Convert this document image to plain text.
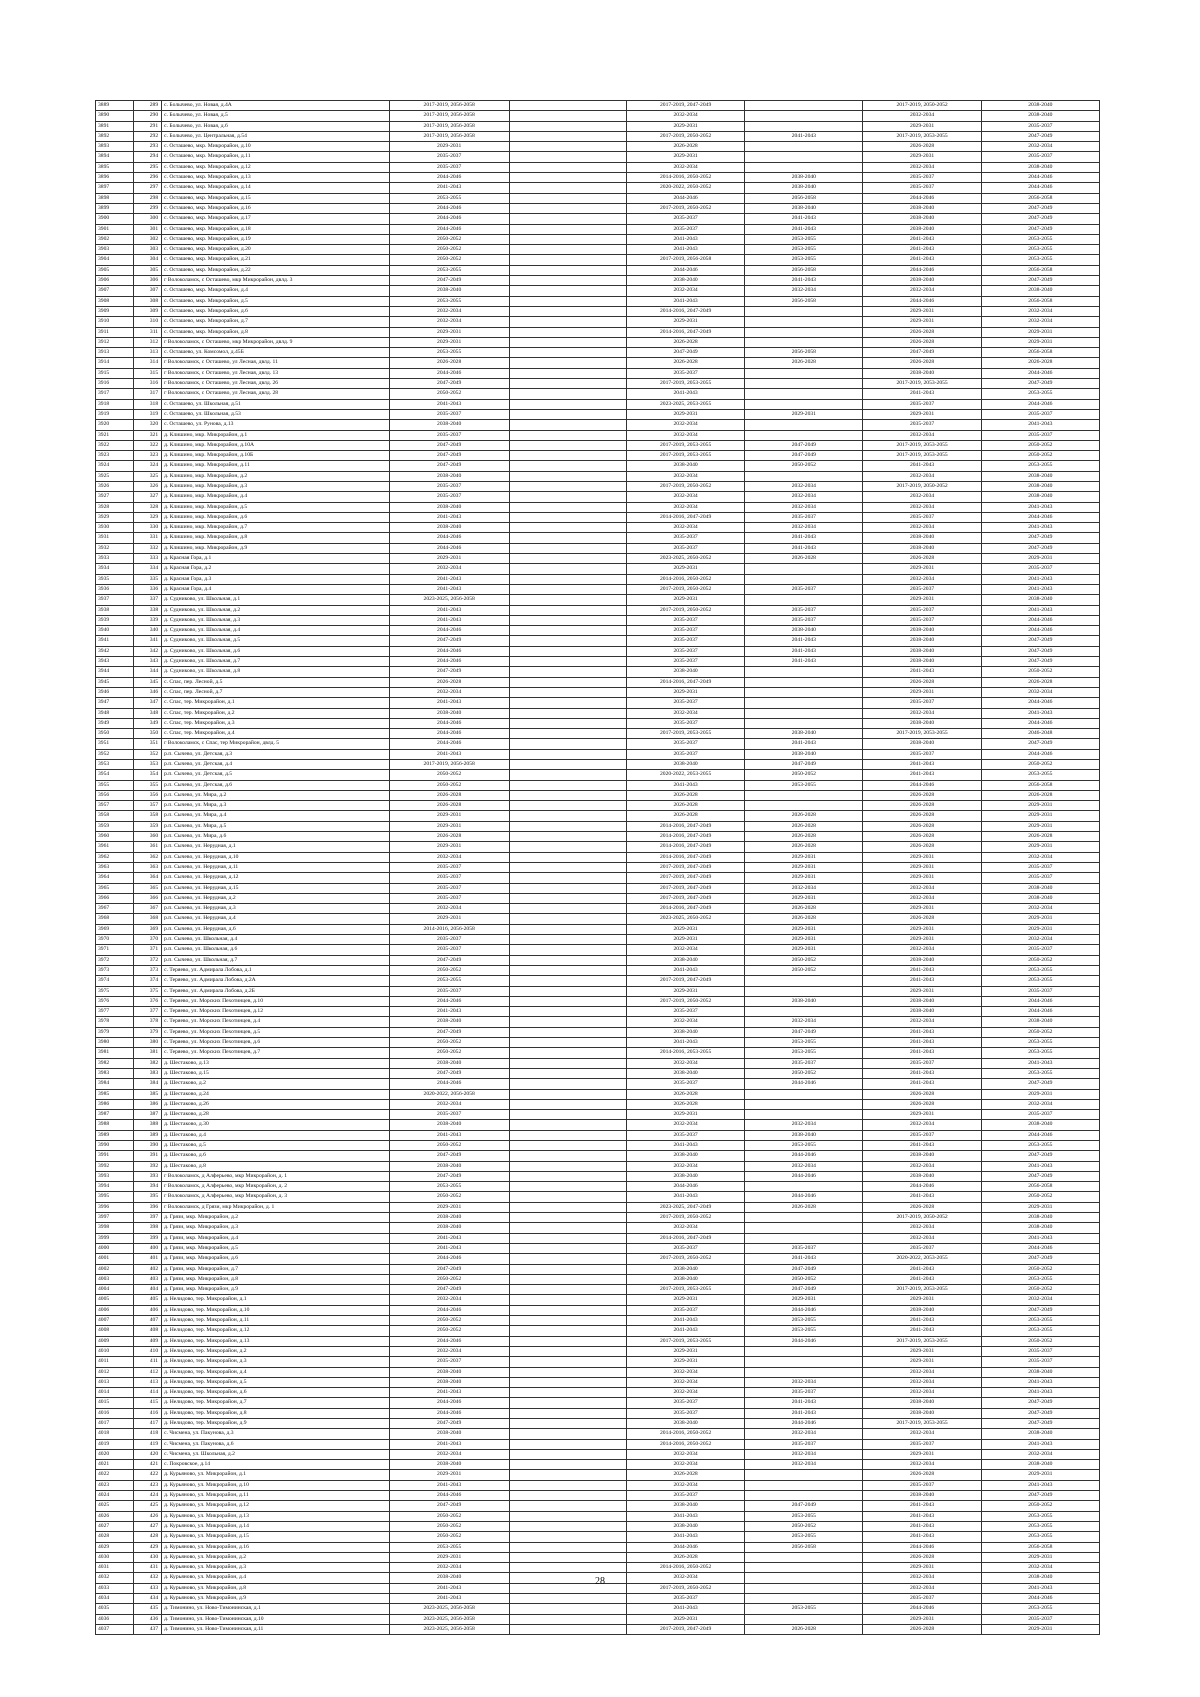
3889	289	с. Болычево, ул. Новая, д.4А	2017-2019, 2056-2058		2017-2019, 2047-2049		2017-2019, 2050-2052	2038-2040
3890	290	с. Болычево, ул. Новая, д.5	2017-2019, 2056-2058		2032-2034		2032-2034	2038-2040
3891	291	с. Болычево, ул. Новая, д.6	2017-2019, 2056-2058		2029-2031		2029-2031	2035-2037
3892	292	с. Болычево, ул. Центральная, д.54	2017-2019, 2056-2058		2017-2019, 2050-2052	2041-2043	2017-2019, 2053-2055	2047-2049
3893	293	с. Осташево, мкр. Микрорайон, д.10	2029-2031		2026-2028		2026-2028	2032-2034
3894	294	с. Осташево, мкр. Микрорайон, д.11	2035-2037		2029-2031		2029-2031	2035-2037
3895	295	с. Осташево, мкр. Микрорайон, д.12	2035-2037		2032-2034		2032-2034	2038-2040
3896	296	с. Осташево, мкр. Микрорайон, д.13	2044-2046		2014-2016, 2050-2052	2038-2040	2035-2037	2044-2046
3897	297	с. Осташево, мкр. Микрорайон, д.14	2041-2043		2020-2022, 2050-2052	2038-2040	2035-2037	2044-2046
3898	298	с. Осташево, мкр. Микрорайон, д.15	2053-2055		2044-2046	2056-2058	2044-2046	2056-2058
3899	299	с. Осташево, мкр. Микрорайон, д.16	2044-2046		2017-2019, 2050-2052	2038-2040	2038-2040	2047-2049
3900	300	с. Осташево, мкр. Микрорайон, д.17	2044-2046		2035-2037	2041-2043	2038-2040	2047-2049
3901	301	с. Осташево, мкр. Микрорайон, д.18	2044-2046		2035-2037	2041-2043	2038-2040	2047-2049
3902	302	с. Осташево, мкр. Микрорайон, д.19	2050-2052		2041-2043	2053-2055	2041-2043	2053-2055
3903	303	с. Осташево, мкр. Микрорайон, д.20	2050-2052		2041-2043	2053-2055	2041-2043	2053-2055
3904	304	с. Осташево, мкр. Микрорайон, д.21	2050-2052		2017-2019, 2056-2058	2053-2055	2041-2043	2053-2055
3905	305	с. Осташево, мкр. Микрорайон, д.22	2053-2055		2044-2046	2056-2058	2044-2046	2056-2058
3906	306	г Волоколамск, с Осташево, мкр Микрорайон, двлд. 3	2047-2049		2038-2040	2041-2043	2038-2040	2047-2049
3907	307	с. Осташево, мкр. Микрорайон, д.4	2038-2040		2032-2034	2032-2034	2032-2034	2038-2040
3908	308	с. Осташево, мкр. Микрорайон, д.5	2053-2055		2041-2043	2056-2058	2044-2046	2056-2058
3909	309	с. Осташево, мкр. Микрорайон, д.6	2032-2034		2014-2016, 2047-2049		2029-2031	2032-2034
3910	310	с. Осташево, мкр. Микрорайон, д.7	2032-2034		2029-2031		2029-2031	2032-2034
3911	311	с. Осташево, мкр. Микрорайон, д.8	2029-2031		2014-2016, 2047-2049		2026-2028	2029-2031
3912	312	г Волоколамск, с Осташево, мкр Микрорайон, двлд. 9	2029-2031		2026-2028		2026-2028	2029-2031
3913	313	с. Осташево, ул. Комсомол, д.45Б	2053-2055		2047-2049	2056-2058	2047-2049	2056-2058
3914	314	г Волоколамск, с Осташево, ул Лесная, двлд. 11	2026-2028		2026-2028	2026-2028	2026-2028	2026-2028
3915	315	г Волоколамск, с Осташево, ул Лесная, двлд. 13	2044-2046		2035-2037		2038-2040	2044-2046
3916	316	г Волоколамск, с Осташево, ул Лесная, двлд. 26	2047-2049		2017-2019, 2053-2055		2017-2019, 2053-2055	2047-2049
3917	317	г Волоколамск, с Осташево, ул Лесная, двлд. 28	2050-2052		2041-2043		2041-2043	2053-2055
3918	318	с. Осташево, ул. Школьная, д.51	2041-2043		2023-2025, 2053-2055		2035-2037	2044-2046
3919	319	с. Осташево, ул. Школьная, д.53	2035-2037		2029-2031	2029-2031	2029-2031	2035-2037
3920	320	с. Осташево, ул. Рунова, д.13	2038-2040		2032-2034		2035-2037	2041-2043
3921	321	д. Клишино, мкр. Микрорайон, д.1	2035-2037		2032-2034		2032-2034	2035-2037
3922	322	д. Клишино, мкр. Микрорайон, д.10А	2047-2049		2017-2019, 2053-2055	2047-2049	2017-2019, 2053-2055	2050-2052
3923	323	д. Клишино, мкр. Микрорайон, д.10Б	2047-2049		2017-2019, 2053-2055	2047-2049	2017-2019, 2053-2055	2050-2052
3924	324	д. Клишино, мкр. Микрорайон, д.11	2047-2049		2038-2040	2050-2052	2041-2043	2053-2055
3925	325	д. Клишино, мкр. Микрорайон, д.2	2038-2040		2032-2034		2032-2034	2038-2040
3926	326	д. Клишино, мкр. Микрорайон, д.3	2035-2037		2017-2019, 2050-2052	2032-2034	2017-2019, 2050-2052	2038-2040
3927	327	д. Клишино, мкр. Микрорайон, д.4	2035-2037		2032-2034	2032-2034	2032-2034	2038-2040
3928	328	д. Клишино, мкр. Микрорайон, д.5	2038-2040		2032-2034	2032-2034	2032-2034	2041-2043
3929	329	д. Клишино, мкр. Микрорайон, д.6	2041-2043		2014-2016, 2047-2049	2035-2037	2035-2037	2044-2046
3930	330	д. Клишино, мкр. Микрорайон, д.7	2038-2040		2032-2034	2032-2034	2032-2034	2041-2043
3931	331	д. Клишино, мкр. Микрорайон, д.8	2044-2046		2035-2037	2041-2043	2038-2040	2047-2049
3932	332	д. Клишино, мкр. Микрорайон, д.9	2044-2046		2035-2037	2041-2043	2038-2040	2047-2049
3933	333	д. Красная Гора, д.1	2029-2031		2023-2025, 2050-2052	2026-2028	2026-2028	2029-2031
3934	334	д. Красная Гора, д.2	2032-2034		2029-2031		2029-2031	2035-2037
3935	335	д. Красная Гора, д.3	2041-2043		2014-2016, 2050-2052		2032-2034	2041-2043
3936	336	д. Красная Гора, д.4	2041-2043		2017-2019, 2050-2052	2035-2037	2035-2037	2041-2043
3937	337	д. Судниково, ул. Школьная, д.1	2023-2025, 2056-2058		2029-2031		2029-2031	2038-2040
3938	338	д. Судниково, ул. Школьная, д.2	2041-2043		2017-2019, 2050-2052	2035-2037	2035-2037	2041-2043
3939	339	д. Судниково, ул. Школьная, д.3	2041-2043		2035-2037	2035-2037	2035-2037	2044-2046
3940	340	д. Судниково, ул. Школьная, д.4	2044-2046		2035-2037	2038-2040	2038-2040	2044-2046
3941	341	д. Судниково, ул. Школьная, д.5	2047-2049		2035-2037	2041-2043	2038-2040	2047-2049
3942	342	д. Судниково, ул. Школьная, д.6	2044-2046		2035-2037	2041-2043	2038-2040	2047-2049
3943	343	д. Судниково, ул. Школьная, д.7	2044-2046		2035-2037	2041-2043	2038-2040	2047-2049
3944	344	д. Судниково, ул. Школьная, д.8	2047-2049		2038-2040		2041-2043	2050-2052
3945	345	с. Спас, пер. Лесной, д.5	2026-2028		2014-2016, 2047-2049		2026-2028	2026-2028
3946	346	с. Спас, пер. Лесной, д.7	2032-2034		2029-2031		2029-2031	2032-2034
3947	347	с. Спас, тер. Микрорайон, д.1	2041-2043		2035-2037		2035-2037	2044-2046
3948	348	с. Спас, тер. Микрорайон, д.2	2038-2040		2032-2034		2032-2034	2041-2043
3949	349	с. Спас, тер. Микрорайон, д.3	2044-2046		2035-2037		2038-2040	2044-2046
3950	350	с. Спас, тер. Микрорайон, д.4	2044-2046		2017-2019, 2053-2055	2038-2040	2017-2019, 2053-2055	2046-2048
3951	351	г Волоколамск, с Спас, тер Микрорайон, двлд. 5	2044-2046		2035-2037	2041-2043	2038-2040	2047-2049
3952	352	р.п. Сычево, ул. Детская, д.3	2041-2043		2035-2037	2038-2040	2035-2037	2044-2046
3953	353	р.п. Сычево, ул. Детская, д.4	2017-2019, 2056-2058		2038-2040	2047-2049	2041-2043	2050-2052
3954	354	р.п. Сычево, ул. Детская, д.5	2050-2052		2020-2022, 2053-2055	2050-2052	2041-2043	2053-2055
3955	355	р.п. Сычево, ул. Детская, д.6	2050-2052		2041-2043	2053-2055	2044-2046	2056-2058
3956	356	р.п. Сычево, ул. Мира, д.2	2026-2028		2026-2028		2026-2028	2026-2028
3957	357	р.п. Сычево, ул. Мира, д.3	2026-2028		2026-2028		2026-2028	2029-2031
3958	358	р.п. Сычево, ул. Мира, д.4	2029-2031		2026-2028	2026-2028	2026-2028	2029-2031
3959	359	р.п. Сычево, ул. Мира, д.5	2029-2031		2014-2016, 2047-2049	2026-2028	2026-2028	2029-2031
3960	360	р.п. Сычево, ул. Мира, д.6	2026-2028		2014-2016, 2047-2049	2026-2028	2026-2028	2026-2028
3961	361	р.п. Сычево, ул. Нерудная, д.1	2029-2031		2014-2016, 2047-2049	2026-2028	2026-2028	2029-2031
3962	362	р.п. Сычево, ул. Нерудная, д.10	2032-2034		2014-2016, 2047-2049	2029-2031	2029-2031	2032-2034
3963	363	р.п. Сычево, ул. Нерудная, д.11	2035-2037		2017-2019, 2047-2049	2029-2031	2029-2031	2035-2037
3964	364	р.п. Сычево, ул. Нерудная, д.12	2035-2037		2017-2019, 2047-2049	2029-2031	2029-2031	2035-2037
3965	365	р.п. Сычево, ул. Нерудная, д.15	2035-2037		2017-2019, 2047-2049	2032-2034	2032-2034	2038-2040
3966	366	р.п. Сычево, ул. Нерудная, д.2	2035-2037		2017-2019, 2047-2049	2029-2031	2032-2034	2038-2040
3967	367	р.п. Сычево, ул. Нерудная, д.3	2032-2034		2014-2016, 2047-2049	2026-2028	2029-2031	2032-2034
3968	368	р.п. Сычево, ул. Нерудная, д.4	2029-2031		2023-2025, 2050-2052	2026-2028	2026-2028	2029-2031
3969	369	р.п. Сычево, ул. Нерудная, д.6	2014-2016, 2056-2058		2029-2031	2029-2031	2029-2031	2029-2031
3970	370	р.п. Сычево, ул. Школьная, д.4	2035-2037		2029-2031	2029-2031	2029-2031	2032-2034
3971	371	р.п. Сычево, ул. Школьная, д.6	2035-2037		2032-2034	2029-2031	2032-2034	2035-2037
3972	372	р.п. Сычево, ул. Школьная, д.7	2047-2049		2038-2040	2050-2052	2038-2040	2050-2052
3973	373	с. Теряево, ул. Адмирала Лобова, д.1	2050-2052		2041-2043	2050-2052	2041-2043	2053-2055
3974	374	с. Теряево, ул. Адмирала Лобова, д.2А	2053-2055		2017-2019, 2047-2049		2041-2043	2053-2055
3975	375	с. Теряево, ул. Адмирала Лобова, д.2Б	2035-2037		2029-2031		2029-2031	2035-2037
3976	376	с. Теряево, ул. Морских Пехотинцев, д.10	2044-2046		2017-2019, 2050-2052	2038-2040	2038-2040	2044-2046
3977	377	с. Теряево, ул. Морских Пехотинцев, д.12	2041-2043		2035-2037		2038-2040	2044-2046
3978	378	с. Теряево, ул. Морских Пехотинцев, д.4	2038-2040		2032-2034	2032-2034	2032-2034	2038-2040
3979	379	с. Теряево, ул. Морских Пехотинцев, д.5	2047-2049		2038-2040	2047-2049	2041-2043	2050-2052
3980	380	с. Теряево, ул. Морских Пехотинцев, д.6	2050-2052		2041-2043	2053-2055	2041-2043	2053-2055
3981	381	с. Теряево, ул. Морских Пехотинцев, д.7	2050-2052		2014-2016, 2053-2055	2053-2055	2041-2043	2053-2055
3982	382	д. Шестаково, д.13	2038-2040		2032-2034	2035-2037	2035-2037	2041-2043
3983	383	д. Шестаково, д.15	2047-2049		2038-2040	2050-2052	2041-2043	2053-2055
3984	384	д. Шестаково, д.2	2044-2046		2035-2037	2044-2046	2041-2043	2047-2049
3985	385	д. Шестаково, д.24	2020-2022, 2056-2058		2026-2028		2026-2028	2029-2031
3986	386	д. Шестаково, д.26	2032-2034		2026-2028		2026-2028	2032-2034
3987	387	д. Шестаково, д.28	2035-2037		2029-2031		2029-2031	2035-2037
3988	388	д. Шестаково, д.30	2038-2040		2032-2034	2032-2034	2032-2034	2038-2040
3989	389	д. Шестаково, д.4	2041-2043		2035-2037	2038-2040	2035-2037	2044-2046
3990	390	д. Шестаково, д.5	2050-2052		2041-2043	2053-2055	2041-2043	2053-2055
3991	391	д. Шестаково, д.6	2047-2049		2038-2040	2044-2046	2038-2040	2047-2049
3992	392	д. Шестаково, д.8	2038-2040		2032-2034	2032-2034	2032-2034	2041-2043
3993	393	г Волоколамск, д Алферьево, мкр Микрорайон, д. 1	2047-2049		2038-2040	2044-2046	2038-2040	2047-2049
3994	394	г Волоколамск, д Алферьево, мкр Микрорайон, д. 2	2053-2055		2044-2046		2044-2046	2056-2058
3995	395	г Волоколамск, д Алферьево, мкр Микрорайон, д. 3	2050-2052		2041-2043	2044-2046	2041-2043	2050-2052
3996	396	г Волоколамск, д Грязи, мкр Микрорайон, д. 1	2029-2031		2023-2025, 2047-2049	2026-2028	2026-2028	2029-2031
3997	397	д. Грязи, мкр. Микрорайон, д.2	2038-2040		2017-2019, 2050-2052		2017-2019, 2050-2052	2038-2040
3998	398	д. Грязи, мкр. Микрорайон, д.3	2038-2040		2032-2034		2032-2034	2038-2040
3999	399	д. Грязи, мкр. Микрорайон, д.4	2041-2043		2014-2016, 2047-2049		2032-2034	2041-2043
4000	400	д. Грязи, мкр. Микрорайон, д.5	2041-2043		2035-2037	2035-2037	2035-2037	2044-2046
4001	401	д. Грязи, мкр. Микрорайон, д.6	2044-2046		2017-2019, 2050-2052	2041-2043	2020-2022, 2053-2055	2047-2049
4002	402	д. Грязи, мкр. Микрорайон, д.7	2047-2049		2038-2040	2047-2049	2041-2043	2050-2052
4003	403	д. Грязи, мкр. Микрорайон, д.8	2050-2052		2038-2040	2050-2052	2041-2043	2053-2055
4004	404	д. Грязи, мкр. Микрорайон, д.9	2047-2049		2017-2019, 2053-2055	2047-2049	2017-2019, 2053-2055	2050-2052
4005	405	д. Нелидово, тер. Микрорайон, д.1	2032-2034		2029-2031	2029-2031	2029-2031	2032-2034
4006	406	д. Нелидово, тер. Микрорайон, д.10	2044-2046		2035-2037	2044-2046	2038-2040	2047-2049
4007	407	д. Нелидово, тер. Микрорайон, д.11	2050-2052		2041-2043	2053-2055	2041-2043	2053-2055
4008	408	д. Нелидово, тер. Микрорайон, д.12	2050-2052		2041-2043	2053-2055	2041-2043	2053-2055
4009	409	д. Нелидово, тер. Микрорайон, д.13	2044-2046		2017-2019, 2053-2055	2044-2046	2017-2019, 2053-2055	2050-2052
4010	410	д. Нелидово, тер. Микрорайон, д.2	2032-2034		2029-2031		2029-2031	2035-2037
4011	411	д. Нелидово, тер. Микрорайон, д.3	2035-2037		2029-2031		2029-2031	2035-2037
4012	412	д. Нелидово, тер. Микрорайон, д.4	2038-2040		2032-2034		2032-2034	2038-2040
4013	413	д. Нелидово, тер. Микрорайон, д.5	2038-2040		2032-2034	2032-2034	2032-2034	2041-2043
4014	414	д. Нелидово, тер. Микрорайон, д.6	2041-2043		2032-2034	2035-2037	2032-2034	2041-2043
4015	415	д. Нелидово, тер. Микрорайон, д.7	2044-2046		2035-2037	2041-2043	2038-2040	2047-2049
4016	416	д. Нелидово, тер. Микрорайон, д.8	2044-2046		2035-2037	2041-2043	2038-2040	2047-2049
4017	417	д. Нелидово, тер. Микрорайон, д.9	2047-2049		2038-2040	2044-2046	2017-2019, 2053-2055	2047-2049
4018	418	с. Чисмена, ул. Пакунова, д.3	2038-2040		2014-2016, 2050-2052	2032-2034	2032-2034	2038-2040
4019	419	с. Чисмена, ул. Пакунова, д.6	2041-2043		2014-2016, 2050-2052	2035-2037	2035-2037	2041-2043
4020	420	с. Чисмена, ул. Школьная, д.2	2032-2034		2032-2034	2032-2034	2029-2031	2032-2034
4021	421	с. Покровское, д.14	2038-2040		2032-2034	2032-2034	2032-2034	2038-2040
4022	422	д. Курьяново, ул. Микрорайон, д.1	2029-2031		2026-2028		2026-2028	2029-2031
4023	423	д. Курьяново, ул. Микрорайон, д.10	2041-2043		2032-2034		2035-2037	2041-2043
4024	424	д. Курьяново, ул. Микрорайон, д.11	2044-2046		2035-2037		2038-2040	2047-2049
4025	425	д. Курьяново, ул. Микрорайон, д.12	2047-2049		2038-2040	2047-2049	2041-2043	2050-2052
4026	426	д. Курьяново, ул. Микрорайон, д.13	2050-2052		2041-2043	2053-2055	2041-2043	2053-2055
4027	427	д. Курьяново, ул. Микрорайон, д.14	2050-2052		2038-2040	2050-2052	2041-2043	2053-2055
4028	428	д. Курьяново, ул. Микрорайон, д.15	2050-2052		2041-2043	2053-2055	2041-2043	2053-2055
4029	429	д. Курьяново, ул. Микрорайон, д.16	2053-2055		2044-2046	2056-2058	2044-2046	2056-2058
4030	430	д. Курьяново, ул. Микрорайон, д.2	2029-2031		2026-2028		2026-2028	2029-2031
4031	431	д. Курьяново, ул. Микрорайон, д.3	2032-2034		2014-2016, 2050-2052		2029-2031	2032-2034
4032	432	д. Курьяново, ул. Микрорайон, д.4	2038-2040		2032-2034		2032-2034	2038-2040
4033	433	д. Курьяново, ул. Микрорайон, д.8	2041-2043		2017-2019, 2050-2052		2032-2034	2041-2043
4034	434	д. Курьяново, ул. Микрорайон, д.9	2041-2043		2035-2037		2035-2037	2044-2046
4035	435	д. Тимонино, ул. Ново-Тимонинская, д.1	2023-2025, 2056-2058		2041-2043	2053-2055	2044-2046	2053-2055
4036	436	д. Тимонино, ул. Ново-Тимонинская, д.10	2023-2025, 2056-2058		2029-2031		2029-2031	2035-2037
4037	437	д. Тимонино, ул. Ново-Тимонинская, д.11	2023-2025, 2056-2058		2017-2019, 2047-2049	2026-2028	2026-2028	2029-2031
28
